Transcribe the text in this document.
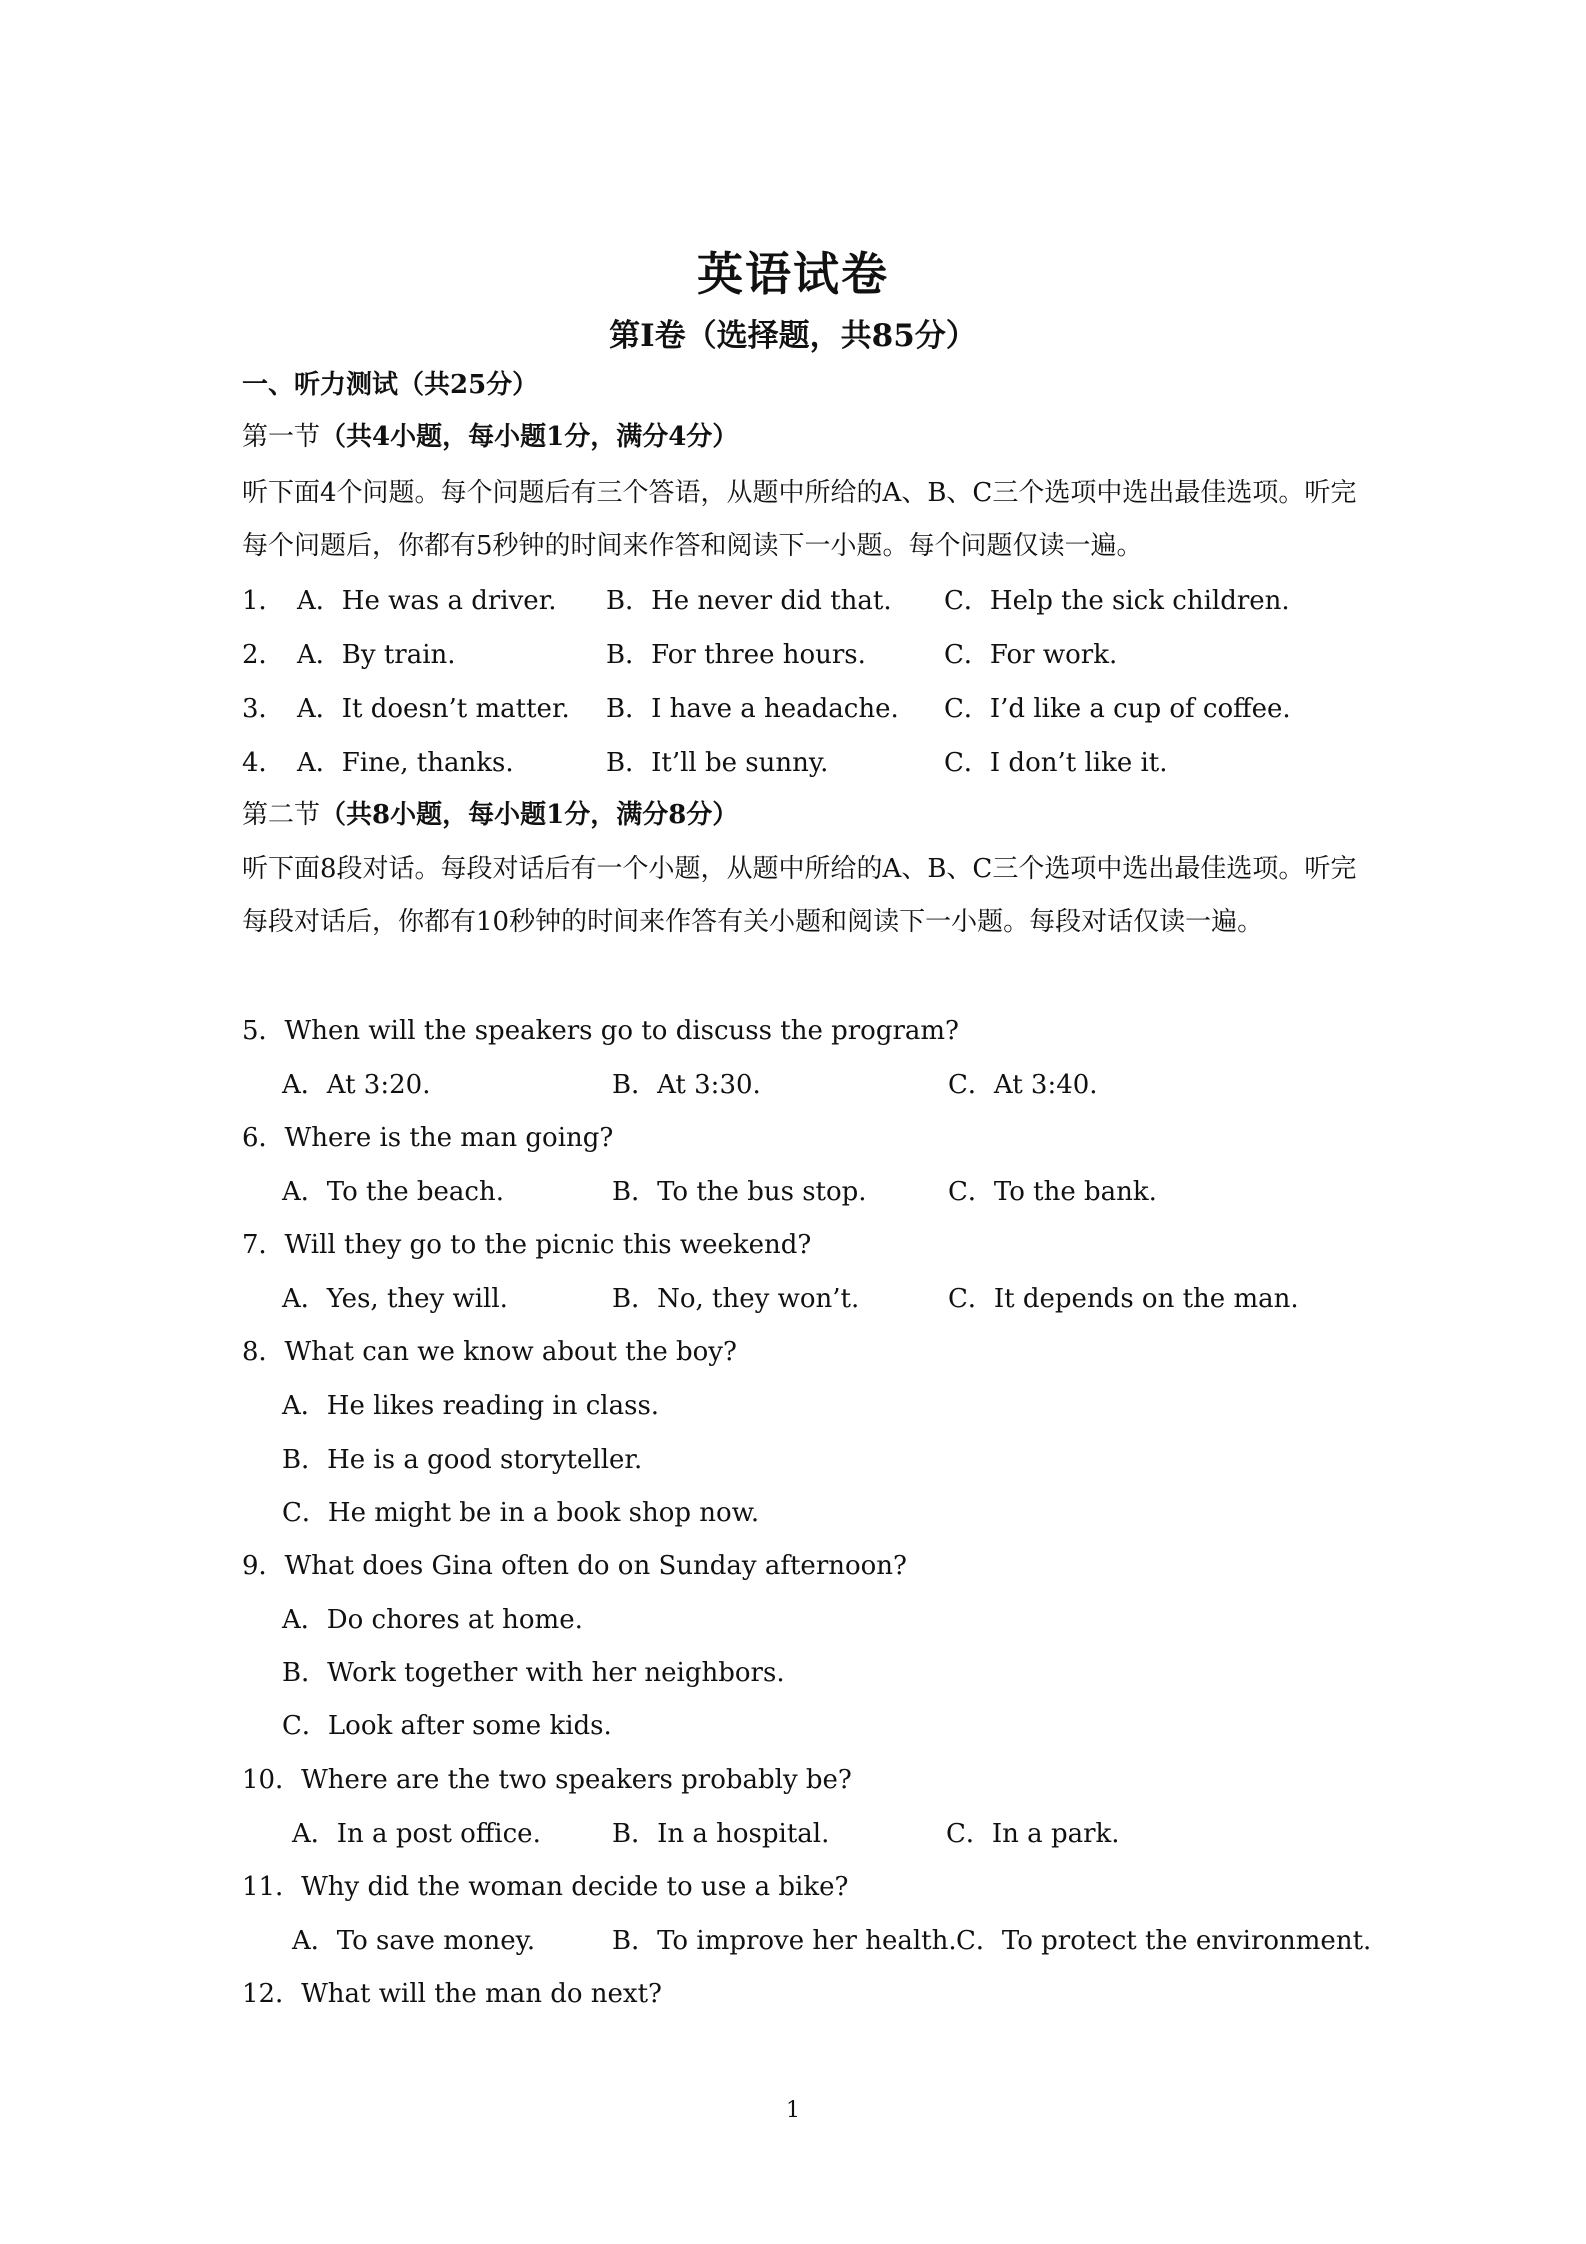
英语试卷
第Ⅰ卷（选择题，共85分）
一、听力测试（共25分）
第一节（共4小题，每小题1分，满分4分）
听下面4个问题。每个问题后有三个答语，从题中所给的A、B、C三个选项中选出最佳选项。听完每个问题后，你都有5秒钟的时间来作答和阅读下一小题。每个问题仅读一遍。
1． A．He was a driver. B．He never did that. C．Help the sick children.
2． A．By train.	B．For three hours.	C．For work.
3． A．It doesn’t matter. B．I have a headache. C．I’d like a cup of coffee.
4． A．Fine, thanks.	B．It’ll be sunny.	C．I don’t like it.
第二节（共8小题，每小题1分，满分8分）
听下面8段对话。每段对话后有一个小题，从题中所给的A、B、C三个选项中选出最佳选项。听完每段对话后，你都有10秒钟的时间来作答有关小题和阅读下一小题。每段对话仅读一遍。
5．When will the speakers go to discuss the program?
A．At 3:20.	B．At 3:30.	C．At 3:40.
6．Where is the man going?
A．To the beach.	B．To the bus stop.	C．To the bank.
7．Will they go to the picnic this weekend?
A．Yes, they will.	B．No, they won’t.	C．It depends on the man.
8．What can we know about the boy?
A．He likes reading in class.
B．He is a good storyteller.
C．He might be in a book shop now.
9．What does Gina often do on Sunday afternoon?
A．Do chores at home.
B．Work together with her neighbors.
C．Look after some kids.
10．Where are the two speakers probably be?
A．In a post office.	B．In a hospital.	C．In a park.
11．Why did the woman decide to use a bike?
A．To save money.	B．To improve her health. C．To protect the environment.
12．What will the man do next?
1
